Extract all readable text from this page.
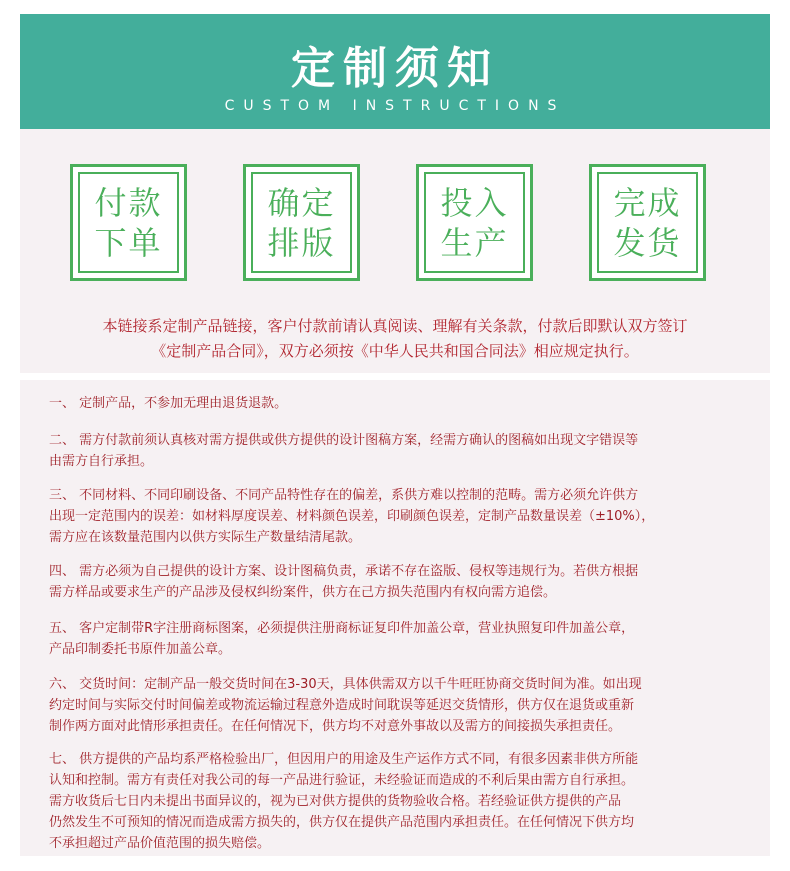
定制须知
CUSTOM INSTRUCTIONS
付款
下单
确定
排版
投入
生产
完成
发货
本链接系定制产品链接，客户付款前请认真阅读、理解有关条款，付款后即默认双方签订
《定制产品合同》，双方必须按《中华人民共和国合同法》相应规定执行。
一、 定制产品，不参加无理由退货退款。
二、 需方付款前须认真核对需方提供或供方提供的设计图稿方案，经需方确认的图稿如出现文字错误等
由需方自行承担。
三、 不同材料、不同印刷设备、不同产品特性存在的偏差，系供方难以控制的范畴。需方必须允许供方
出现一定范围内的误差：如材料厚度误差、材料颜色误差，印刷颜色误差，定制产品数量误差（±10%），
需方应在该数量范围内以供方实际生产数量结清尾款。
四、 需方必须为自己提供的设计方案、设计图稿负责，承诺不存在盗版、侵权等违规行为。若供方根据
需方样品或要求生产的产品涉及侵权纠纷案件，供方在己方损失范围内有权向需方追偿。
五、 客户定制带R字注册商标图案，必须提供注册商标证复印件加盖公章，营业执照复印件加盖公章，
产品印制委托书原件加盖公章。
六、 交货时间：定制产品一般交货时间在3-30天，具体供需双方以千牛旺旺协商交货时间为准。如出现
约定时间与实际交付时间偏差或物流运输过程意外造成时间耽误等延迟交货情形，供方仅在退货或重新
制作两方面对此情形承担责任。在任何情况下，供方均不对意外事故以及需方的间接损失承担责任。
七、 供方提供的产品均系严格检验出厂，但因用户的用途及生产运作方式不同，有很多因素非供方所能
认知和控制。需方有责任对我公司的每一产品进行验证，未经验证而造成的不利后果由需方自行承担。
需方收货后七日内未提出书面异议的，视为已对供方提供的货物验收合格。若经验证供方提供的产品
仍然发生不可预知的情况而造成需方损失的，供方仅在提供产品范围内承担责任。在任何情况下供方均
不承担超过产品价值范围的损失赔偿。
